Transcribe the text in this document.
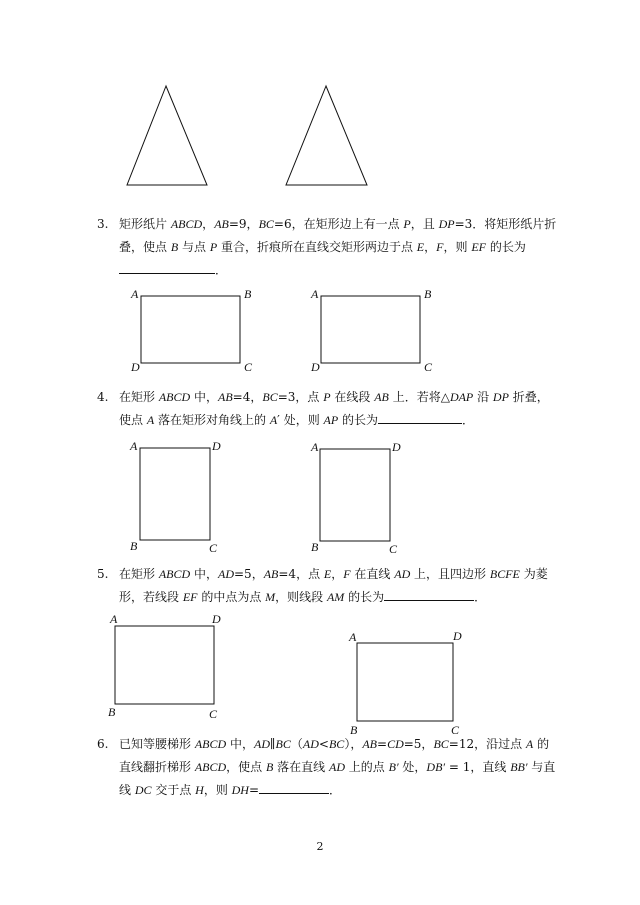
A	B
C
D
A	B
C
D
A	D
B	C
A	D
B	C
A	D
B	C
A	D
B	C
3. 矩形纸片 ABCD，AB=9，BC=6，在矩形边上有一点 P，且 DP=3．将矩形纸片折叠，使点 B 与点 P 重合，折痕所在直线交矩形两边于点 E，F，则 EF 的长为．
4. 在矩形 ABCD 中，AB=4，BC=3，点 P 在线段 AB 上．若将△DAP 沿 DP 折叠，使点 A 落在矩形对角线上的 A′ 处，则 AP 的长为	．
5. 在矩形 ABCD 中，AD=5，AB=4，点 E，F 在直线 AD 上，且四边形 BCFE 为菱形，若线段 EF 的中点为点 M，则线段 AM 的长为	．
6. 已知等腰梯形 ABCD 中，AD∥BC（AD<BC），AB=CD=5，BC=12，沿过点 A 的直线翻折梯形 ABCD，使点 B 落在直线 AD 上的点 B′ 处，DB′ = 1，直线 BB′ 与直线 DC 交于点 H，则 DH=	．
2
